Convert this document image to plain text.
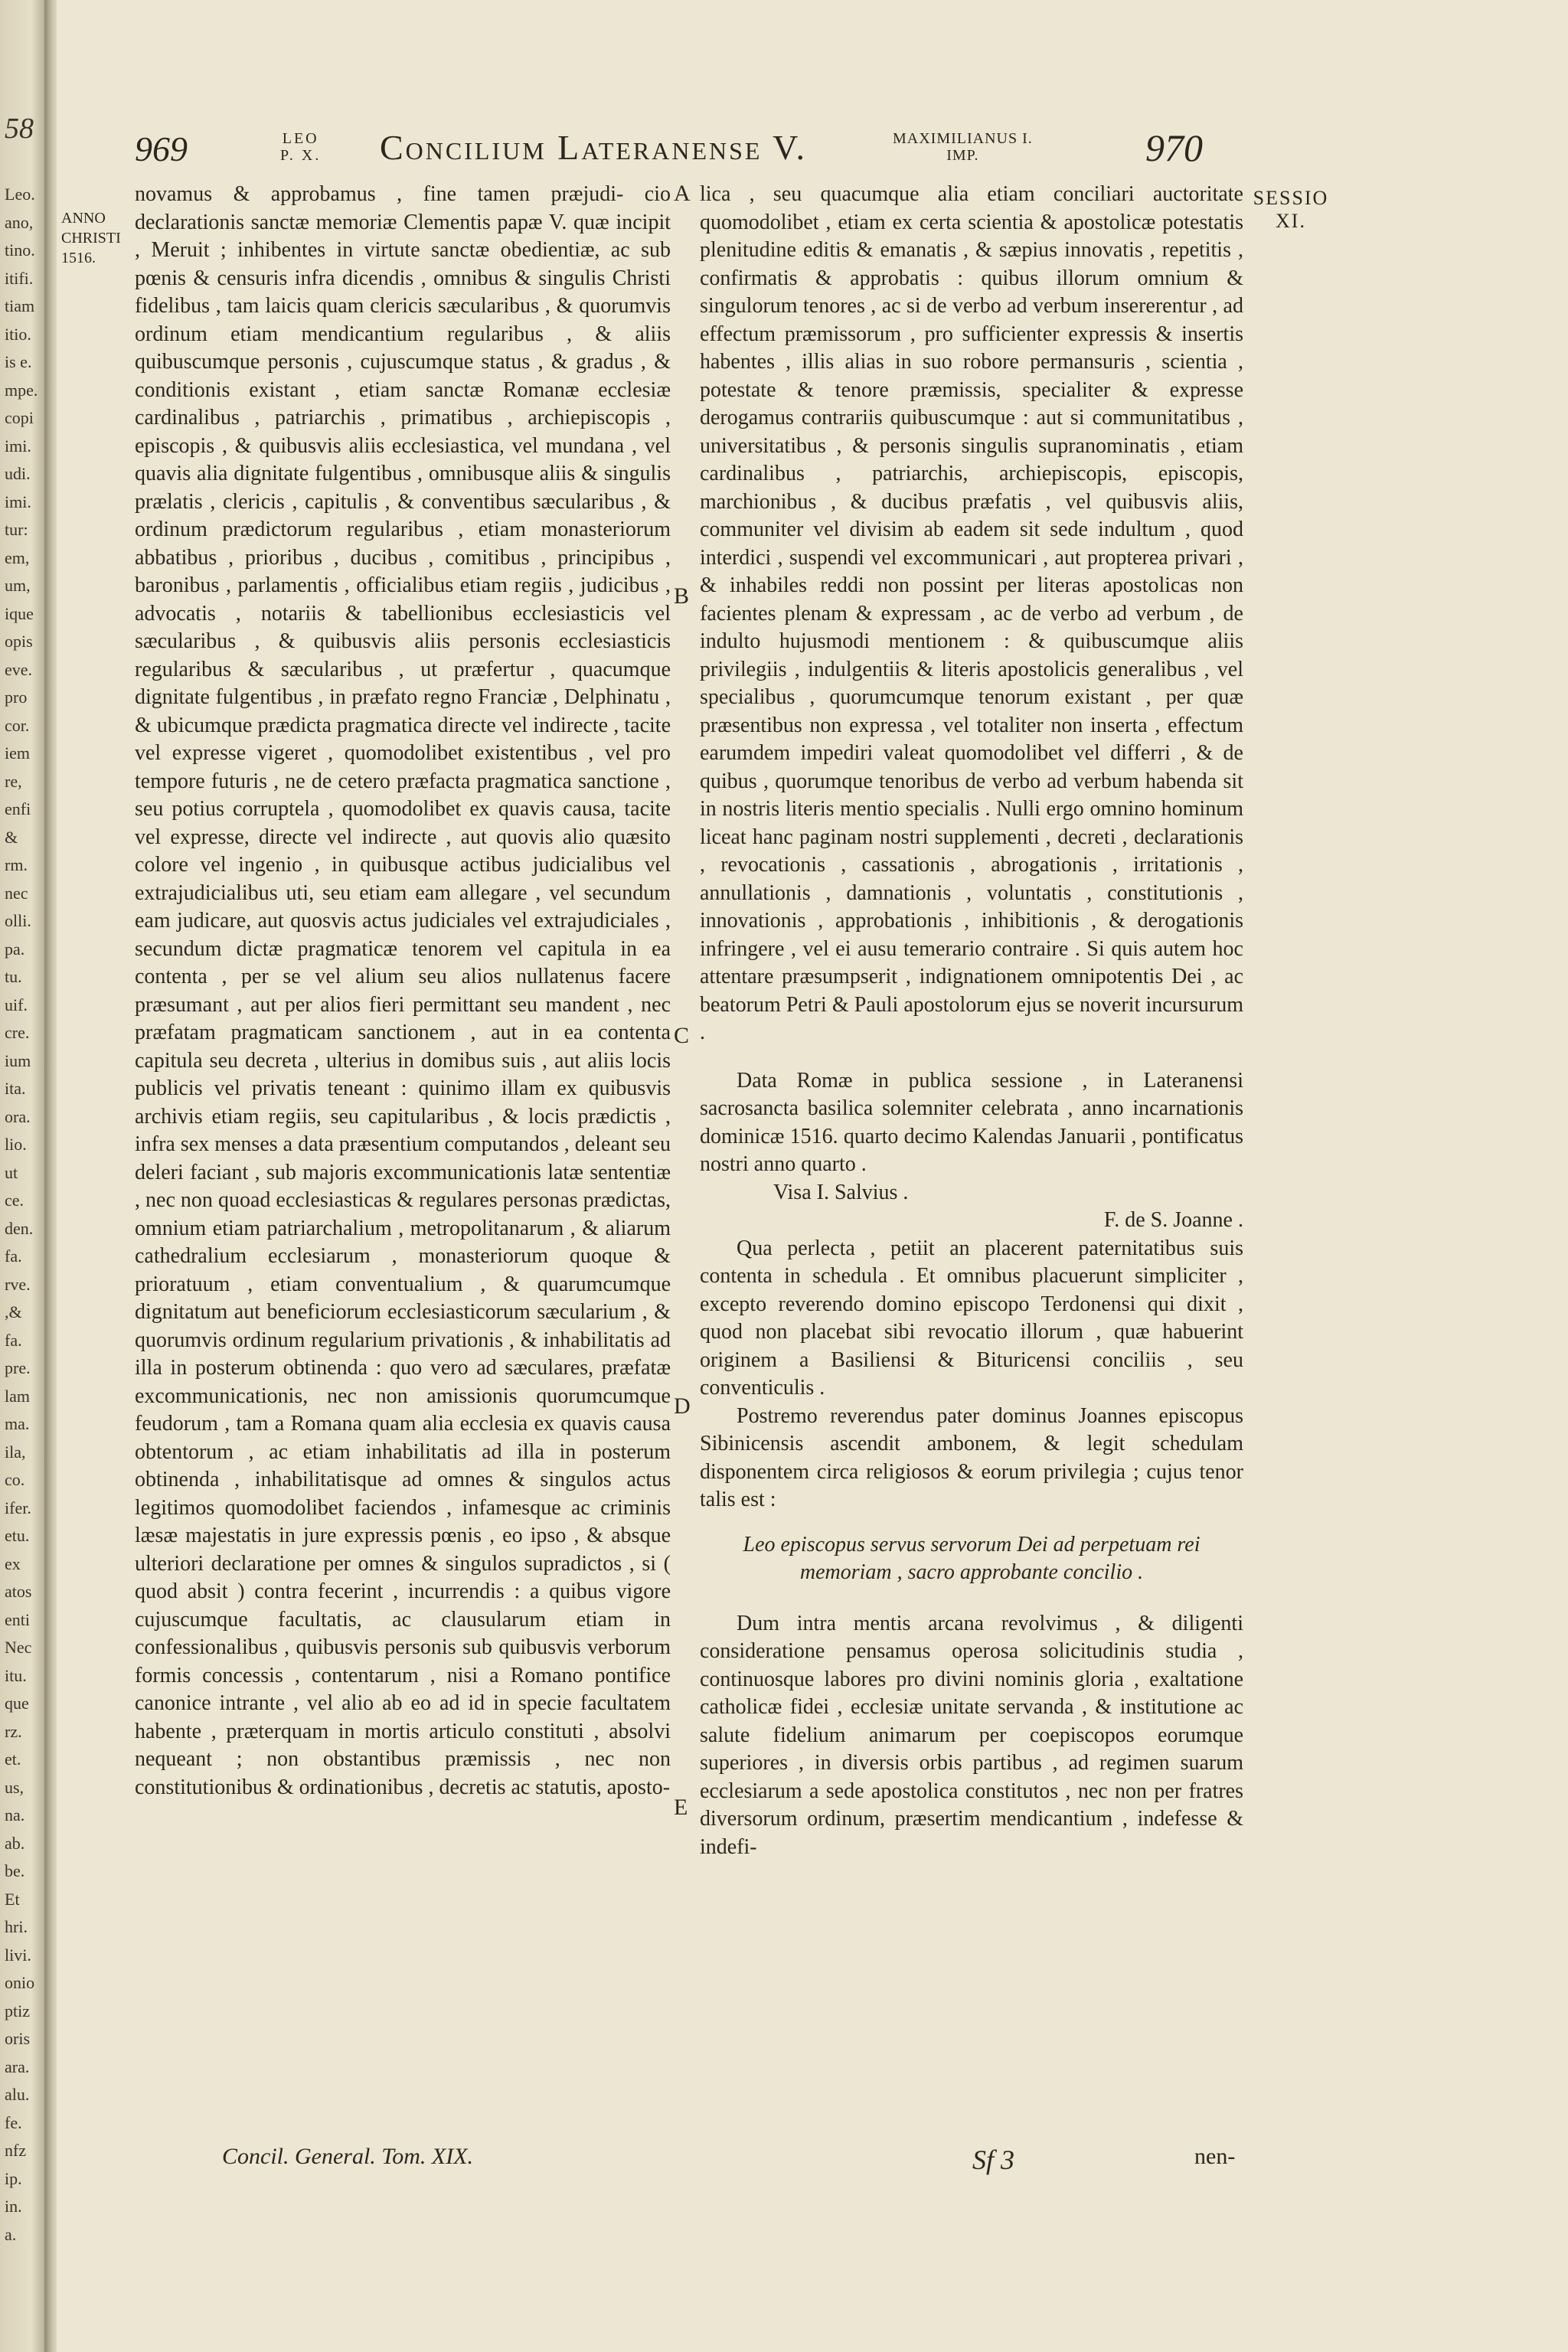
58
Leo.
ano,
tino.
itifi.
tiam
itio.
is e.
mpe.
copi
imi.
udi.
imi.
tur:
em,
um,
ique
opis
eve.
pro
cor.
iem
re,
enfi
&
rm.
nec
olli.
pa.
tu.
uif.
cre.
ium
ita.
ora.
lio.
ut
ce.
den.
fa.
rve.
,&
fa.
pre.
lam
ma.
ila,
co.
ifer.
etu.
ex
atos
enti
Nec
itu.
que
rz.
et.
us,
na.
ab.
be.
Et
hri.
livi.
onio
ptiz
oris
ara.
alu.
fe.
nfz
ip.
in.
a.
969	LEO
P. X. Concilium Lateranense V.	MAXIMILIANUS I.
IMP.	970
ANNO
CHRISTI
1516.
SESSIO
XI.

novamus & approbamus , fine tamen præjudi- cio declarationis sanctæ memoriæ Clementis papæ V. quæ incipit , Meruit ; inhibentes in virtute sanctæ obedientiæ, ac sub pœnis & censuris infra dicendis , omnibus & singulis Christi fidelibus , tam laicis quam clericis sæcularibus , & quorumvis ordinum etiam mendicantium regularibus , & aliis quibuscumque personis , cujuscumque status , & gradus , & conditionis existant , etiam sanctæ Romanæ ecclesiæ cardinalibus , patriarchis , primatibus , archiepiscopis , episcopis , & quibusvis aliis ecclesiastica, vel mundana , vel quavis alia dignitate fulgentibus , omnibusque aliis & singulis prælatis , clericis , capitulis , & conventibus sæcularibus , & ordinum prædictorum regularibus , etiam monasteriorum abbatibus , prioribus , ducibus , comitibus , principibus , baronibus , parlamentis , officialibus etiam regiis , judicibus , advocatis , notariis & tabellionibus ecclesiasticis vel sæcularibus , & quibusvis aliis personis ecclesiasticis regularibus & sæcularibus , ut præfertur , quacumque dignitate fulgentibus , in præfato regno Franciæ , Delphinatu , & ubicumque prædicta pragmatica directe vel indirecte , tacite vel expresse vigeret , quomodolibet existentibus , vel pro tempore futuris , ne de cetero præfacta pragmatica sanctione , seu potius corruptela , quomodolibet ex quavis causa, tacite vel expresse, directe vel indirecte , aut quovis alio quæsito colore vel ingenio , in quibusque actibus judicialibus vel extrajudicialibus uti, seu etiam eam allegare , vel secundum eam judicare, aut quosvis actus judiciales vel extrajudiciales , secundum dictæ pragmaticæ tenorem vel capitula in ea contenta , per se vel alium seu alios nullatenus facere præsumant , aut per alios fieri permittant seu mandent , nec præfatam pragmaticam sanctionem , aut in ea contenta capitula seu decreta , ulterius in domibus suis , aut aliis locis publicis vel privatis teneant : quinimo illam ex quibusvis archivis etiam regiis, seu capitularibus , & locis prædictis , infra sex menses a data præsentium computandos , deleant seu deleri faciant , sub majoris excommunicationis latæ sententiæ , nec non quoad ecclesiasticas & regulares personas prædictas, omnium etiam patriarchalium , metropolitanarum , & aliarum cathedralium ecclesiarum , monasteriorum quoque & prioratuum , etiam conventualium , & quarumcumque dignitatum aut beneficiorum ecclesiasticorum sæcularium , & quorumvis ordinum regularium privationis , & inhabilitatis ad illa in posterum obtinenda : quo vero ad sæculares, præfatæ excommunicationis, nec non amissionis quorumcumque feudorum , tam a Romana quam alia ecclesia ex quavis causa obtentorum , ac etiam inhabilitatis ad illa in posterum obtinenda , inhabilitatisque ad omnes & singulos actus legitimos quomodolibet faciendos , infamesque ac criminis læsæ majestatis in jure expressis pœnis , eo ipso , & absque ulteriori declaratione per omnes & singulos supradictos , si ( quod absit ) contra fecerint , incurrendis : a quibus vigore cujuscumque facultatis, ac clausularum etiam in confessionalibus , quibusvis personis sub quibusvis verborum formis concessis , contentarum , nisi a Romano pontifice canonice intrante , vel alio ab eo ad id in specie facultatem habente , præterquam in mortis articulo constituti , absolvi nequeant ; non obstantibus præmissis , nec non constitutionibus & ordinationibus , decretis ac statutis, aposto-

A
B
C
D
E

lica , seu quacumque alia etiam conciliari auctoritate quomodolibet , etiam ex certa scientia & apostolicæ potestatis plenitudine editis & emanatis , & sæpius innovatis , repetitis , confirmatis & approbatis : quibus illorum omnium & singulorum tenores , ac si de verbo ad verbum insererentur , ad effectum præmissorum , pro sufficienter expressis & insertis habentes , illis alias in suo robore permansuris , scientia , potestate & tenore præmissis, specialiter & expresse derogamus contrariis quibuscumque : aut si communitatibus , universitatibus , & personis singulis supranominatis , etiam cardinalibus , patriarchis, archiepiscopis, episcopis, marchionibus , & ducibus præfatis , vel quibusvis aliis, communiter vel divisim ab eadem sit sede indultum , quod interdici , suspendi vel excommunicari , aut propterea privari , & inhabiles reddi non possint per literas apostolicas non facientes plenam & expressam , ac de verbo ad verbum , de indulto hujusmodi mentionem : & quibuscumque aliis privilegiis , indulgentiis & literis apostolicis generalibus , vel specialibus , quorumcumque tenorum existant , per quæ præsentibus non expressa , vel totaliter non inserta , effectum earumdem impediri valeat quomodolibet vel differri , & de quibus , quorumque tenoribus de verbo ad verbum habenda sit in nostris literis mentio specialis . Nulli ergo omnino hominum liceat hanc paginam nostri supplementi , decreti , declarationis , revocationis , cassationis , abrogationis , irritationis , annullationis , damnationis , voluntatis , constitutionis , innovationis , approbationis , inhibitionis , & derogationis infringere , vel ei ausu temerario contraire . Si quis autem hoc attentare præsumpserit , indignationem omnipotentis Dei , ac beatorum Petri & Pauli apostolorum ejus se noverit incursurum .

Data Romæ in publica sessione , in Lateranensi sacrosancta basilica solemniter celebrata , anno incarnationis dominicæ 1516. quarto decimo Kalendas Januarii , pontificatus nostri anno quarto .

Visa I. Salvius .

F. de S. Joanne .

Qua perlecta , petiit an placerent paternitatibus suis contenta in schedula . Et omnibus placuerunt simpliciter , excepto reverendo domino episcopo Terdonensi qui dixit , quod non placebat sibi revocatio illorum , quæ habuerint originem a Basiliensi & Bituricensi conciliis , seu conventiculis .

Postremo reverendus pater dominus Joannes episcopus Sibinicensis ascendit ambonem, & legit schedulam disponentem circa religiosos & eorum privilegia ; cujus tenor talis est :

Leo episcopus servus servorum Dei ad perpetuam rei memoriam , sacro approbante concilio .

Dum intra mentis arcana revolvimus , & diligenti consideratione pensamus operosa solicitudinis studia , continuosque labores pro divini nominis gloria , exaltatione catholicæ fidei , ecclesiæ unitate servanda , & institutione ac salute fidelium animarum per coepiscopos eorumque superiores , in diversis orbis partibus , ad regimen suarum ecclesiarum a sede apostolica constitutos , nec non per fratres diversorum ordinum, præsertim mendicantium , indefesse & indefi-

Concil. General. Tom. XIX.	Sf 3	nen-
